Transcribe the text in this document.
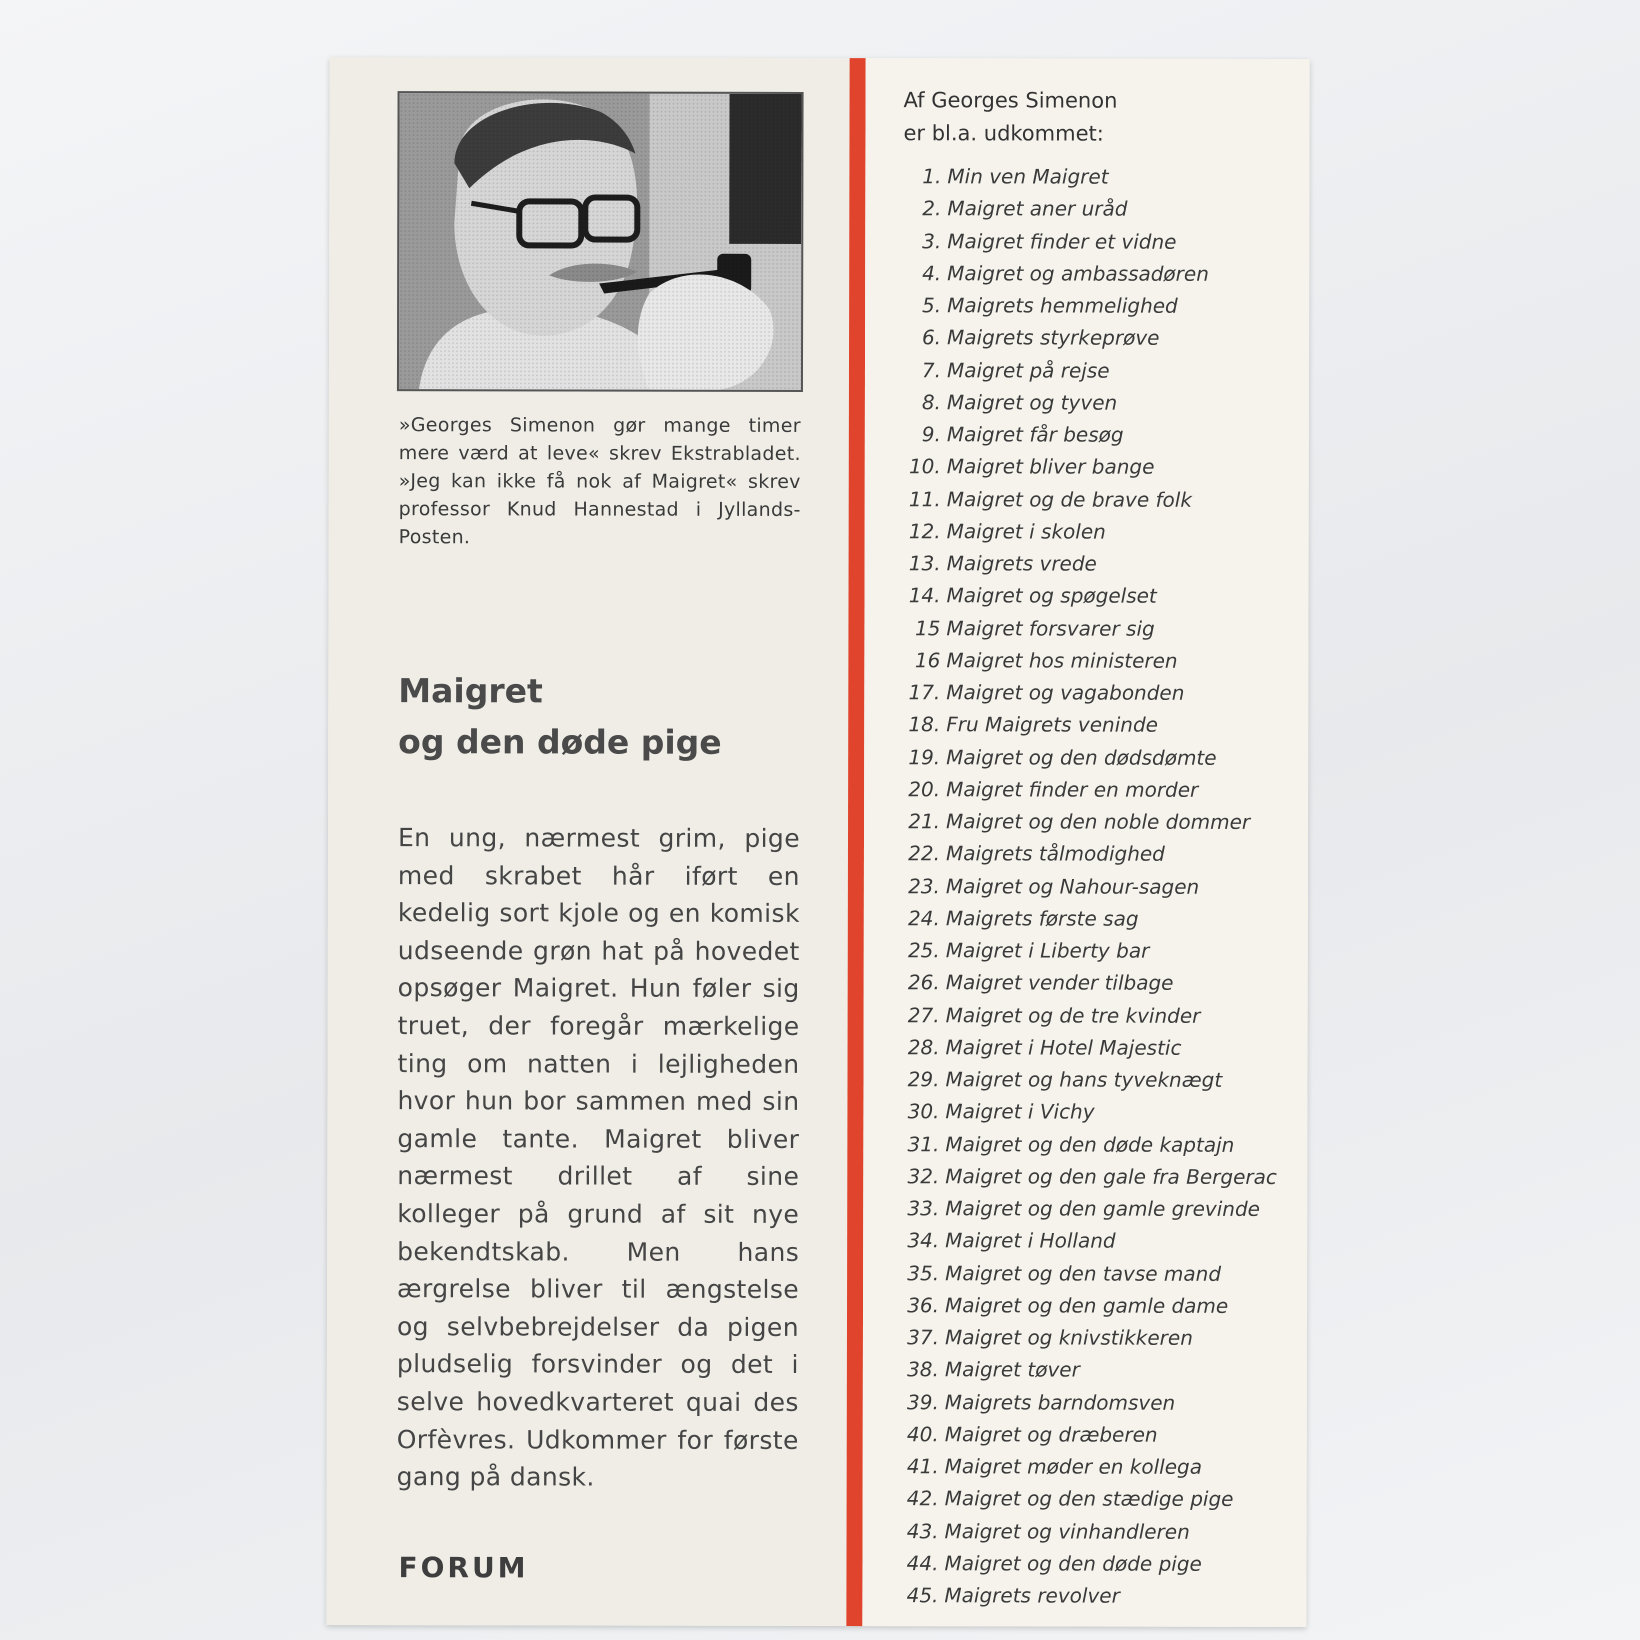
»Georges Simenon gør mange timer mere værd at leve« skrev Ekstrabladet. »Jeg kan ikke få nok af Maigret« skrev professor Knud Hannestad i Jyllands-Posten.
Maigret
og den døde pige
En ung, nærmest grim, pige med skrabet hår iført en kedelig sort kjole og en komisk udseende grøn hat på hovedet opsøger Maigret. Hun føler sig truet, der foregår mærkelige ting om natten i lejligheden hvor hun bor sammen med sin gamle tante. Maigret bliver nærmest drillet af sine kolleger på grund af sit nye bekendtskab. Men hans ærgrelse bliver til ængstelse og selvbebrejdelser da pigen pludselig forsvinder og det i selve hovedkvarteret quai des Orfèvres. Udkommer for første gang på dansk.
FORUM
Af Georges Simenon
er bl.a. udkommet:
1. Min ven Maigret
2. Maigret aner uråd
3. Maigret finder et vidne
4. Maigret og ambassadøren
5. Maigrets hemmelighed
6. Maigrets styrkeprøve
7. Maigret på rejse
8. Maigret og tyven
9. Maigret får besøg
10. Maigret bliver bange
11. Maigret og de brave folk
12. Maigret i skolen
13. Maigrets vrede
14. Maigret og spøgelset
15 Maigret forsvarer sig
16 Maigret hos ministeren
17. Maigret og vagabonden
18. Fru Maigrets veninde
19. Maigret og den dødsdømte
20. Maigret finder en morder
21. Maigret og den noble dommer
22. Maigrets tålmodighed
23. Maigret og Nahour-sagen
24. Maigrets første sag
25. Maigret i Liberty bar
26. Maigret vender tilbage
27. Maigret og de tre kvinder
28. Maigret i Hotel Majestic
29. Maigret og hans tyveknægt
30. Maigret i Vichy
31. Maigret og den døde kaptajn
32. Maigret og den gale fra Bergerac
33. Maigret og den gamle grevinde
34. Maigret i Holland
35. Maigret og den tavse mand
36. Maigret og den gamle dame
37. Maigret og knivstikkeren
38. Maigret tøver
39. Maigrets barndomsven
40. Maigret og dræberen
41. Maigret møder en kollega
42. Maigret og den stædige pige
43. Maigret og vinhandleren
44. Maigret og den døde pige
45. Maigrets revolver
